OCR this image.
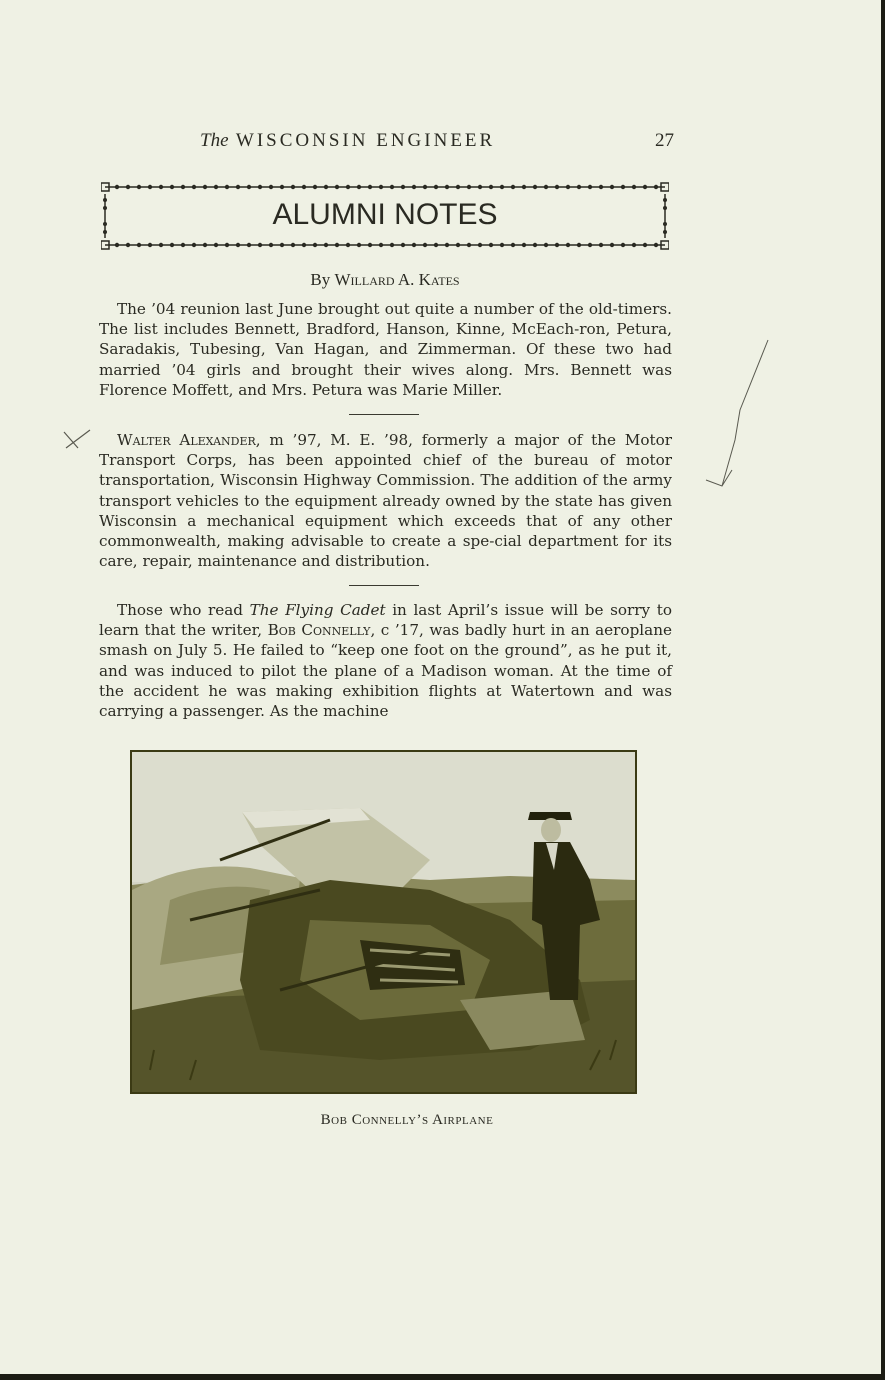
The WISCONSIN ENGINEER	27
ALUMNI NOTES
By Willard A. Kates

The ’04 reunion last June brought out quite a number of the old-timers. The list includes Bennett, Bradford, Hanson, Kinne, McEach-ron, Petura, Saradakis, Tubesing, Van Hagan, and Zimmerman. Of these two had married ’04 girls and brought their wives along. Mrs. Bennett was Florence Moffett, and Mrs. Petura was Marie Miller.

Walter Alexander, m ’97, M. E. ’98, formerly a major of the Motor Transport Corps, has been appointed chief of the bureau of motor transportation, Wisconsin Highway Commission. The addition of the army transport vehicles to the equipment already owned by the state has given Wisconsin a mechanical equipment which exceeds that of any other commonwealth, making advisable to create a spe-cial department for its care, repair, maintenance and distribution.

Those who read The Flying Cadet in last April’s issue will be sorry to learn that the writer, Bob Connelly, c ’17, was badly hurt in an aeroplane smash on July 5. He failed to “keep one foot on the ground”, as he put it, and was induced to pilot the plane of a Madison woman. At the time of the accident he was making exhibition flights at Watertown and was carrying a passenger. As the machine

Bob Connelly’s Airplane
